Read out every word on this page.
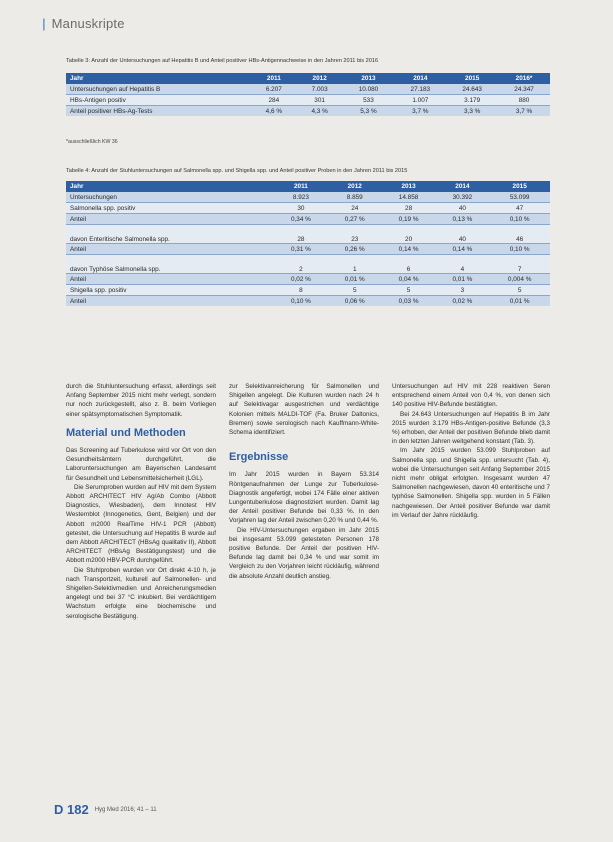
| Manuskripte
Tabelle 3: Anzahl der Untersuchungen auf Hepatitis B und Anteil positiver HBs-Antigennachweise in den Jahren 2011 bis 2016
Jahr	2011	2012	2013	2014	2015	2016*
Untersuchungen auf Hepatitis B	6.207	7.003	10.080	27.183	24.643	24.347
HBs-Antigen positiv	284	301	533	1.007	3.179	880
Anteil positiver HBs-Ag-Tests	4,6 %	4,3 %	5,3 %	3,7 %	3,3 %	3,7 %
*ausschließlich KW 36
Tabelle 4: Anzahl der Stuhluntersuchungen auf Salmonella spp. und Shigella spp. und Anteil positiver Proben in den Jahren 2011 bis 2015
Jahr	2011	2012	2013	2014	2015
Untersuchungen	8.923	8.859	14.858	30.392	53.099
Salmonella spp. positiv	30	24	28	40	47
Anteil	0,34 %	0,27 %	0,19 %	0,13 %	0,10 %
davon Enteritische Salmonella spp.	28	23	20	40	46
Anteil	0,31 %	0,26 %	0,14 %	0,14 %	0,10 %
davon Typhöse Salmonella spp.	2	1	6	4	7
Anteil	0,02 %	0,01 %	0,04 %	0,01 %	0,004 %
Shigella spp. positiv	8	5	5	3	5
Anteil	0,10 %	0,06 %	0,03 %	0,02 %	0,01 %

durch die Stuhluntersuchung erfasst, allerdings seit Anfang September 2015 nicht mehr verlegt, sondern nur noch zurückgestellt, also z. B. beim Vorliegen einer spätsymptomatischen Symptomatik.

Material und Methoden

Das Screening auf Tuberkulose wird vor Ort von den Gesundheitsämtern durchgeführt, die Laboruntersuchungen am Bayerischen Landesamt für Gesundheit und Lebensmittelsicherheit (LGL).

Die Serumproben wurden auf HIV mit dem System Abbott ARCHITECT HIV Ag/Ab Combo (Abbott Diagnostics, Wiesbaden), dem Innotest HIV Westernblot (Innogenetics, Gent, Belgien) und der Abbott m2000 RealTime HIV-1 PCR (Abbott) getestet, die Untersuchung auf Hepatitis B wurde auf dem Abbott ARCHITECT (HBsAg qualitativ II), Abbott ARCHITECT (HBsAg Bestätigungstest) und die Abbott m2000 HBV-PCR durchgeführt.

Die Stuhlproben wurden vor Ort direkt 4-10 h, je nach Transportzeit, kulturell auf Salmonellen- und Shigellen-Selektivmedien und Anreicherungsmedien angelegt und bei 37 °C inkubiert. Bei verdächtigem Wachstum erfolgte eine biochemische und serologische Bestätigung.

zur Selektivanreicherung für Salmonellen und Shigellen angelegt. Die Kulturen wurden nach 24 h auf Selektivagar ausgestrichen und verdächtige Kolonien mittels MALDI-TOF (Fa. Bruker Daltonics, Bremen) sowie serologisch nach Kauffmann-White-Schema identifiziert.

Ergebnisse

Im Jahr 2015 wurden in Bayern 53.314 Röntgenaufnahmen der Lunge zur Tuberkulose-Diagnostik angefertigt, wobei 174 Fälle einer aktiven Lungentuberkulose diagnostiziert wurden. Damit lag der Anteil positiver Befunde bei 0,33 %. In den Vorjahren lag der Anteil zwischen 0,20 % und 0,44 %.

Die HIV-Untersuchungen ergaben im Jahr 2015 bei insgesamt 53.099 getesteten Personen 178 positive Befunde. Der Anteil der positiven HIV-Befunde lag damit bei 0,34 % und war somit im Vergleich zu den Vorjahren leicht rückläufig, während die absolute Anzahl deutlich anstieg.

Untersuchungen auf HIV mit 228 reaktiven Seren entsprechend einem Anteil von 0,4 %, von denen sich 140 positive HIV-Befunde bestätigten.

Bei 24.643 Untersuchungen auf Hepatitis B im Jahr 2015 wurden 3.179 HBs-Antigen-positive Befunde (3,3 %) erhoben, der Anteil der positiven Befunde blieb damit in den letzten Jahren weitgehend konstant (Tab. 3).

Im Jahr 2015 wurden 53.099 Stuhlproben auf Salmonella spp. und Shigella spp. untersucht (Tab. 4), wobei die Untersuchungen seit Anfang September 2015 nicht mehr obligat erfolgten. Insgesamt wurden 47 Salmonellen nachgewiesen, davon 40 enteritische und 7 typhöse Salmonellen. Shigella spp. wurden in 5 Fällen nachgewiesen. Der Anteil positiver Befunde war damit im Verlauf der Jahre rückläufig.

D 182 Hyg Med 2016; 41 – 11
